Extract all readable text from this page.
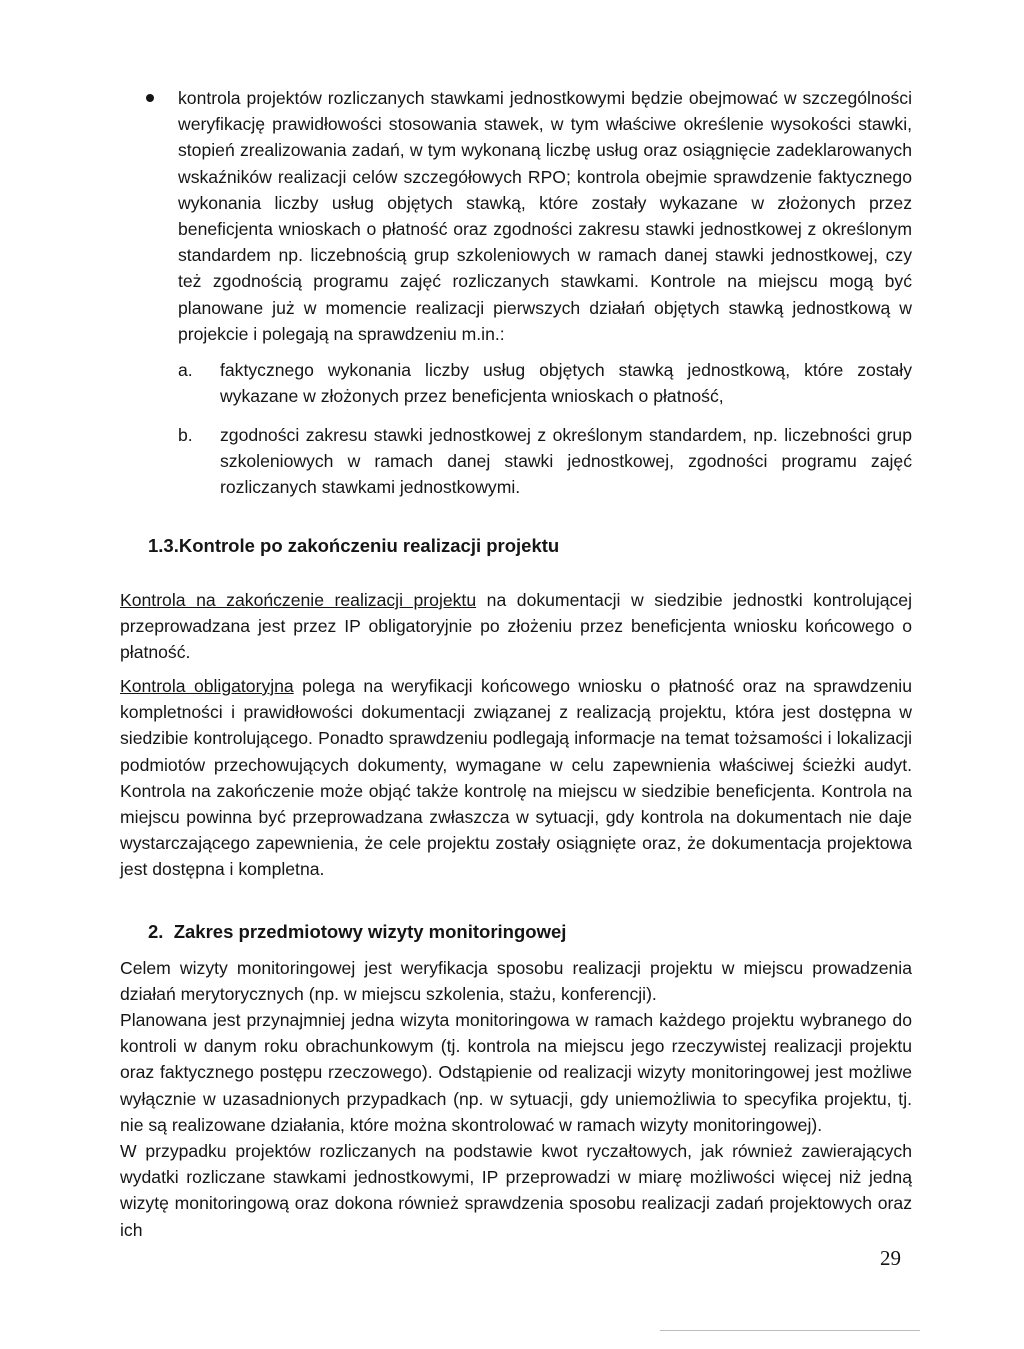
kontrola projektów rozliczanych stawkami jednostkowymi będzie obejmować w szczególności weryfikację prawidłowości stosowania stawek, w tym właściwe określenie wysokości stawki, stopień zrealizowania zadań, w tym wykonaną liczbę usług oraz osiągnięcie zadeklarowanych wskaźników realizacji celów szczegółowych RPO; kontrola obejmie sprawdzenie faktycznego wykonania liczby usług objętych stawką, które zostały wykazane w złożonych przez beneficjenta wnioskach o płatność oraz zgodności zakresu stawki jednostkowej z określonym standardem np. liczebnością grup szkoleniowych w ramach danej stawki jednostkowej, czy też zgodnością programu zajęć rozliczanych stawkami. Kontrole na miejscu mogą być planowane już w momencie realizacji pierwszych działań objętych stawką jednostkową w projekcie i polegają na sprawdzeniu m.in.:
a. faktycznego wykonania liczby usług objętych stawką jednostkową, które zostały wykazane w złożonych przez beneficjenta wnioskach o płatność,
b. zgodności zakresu stawki jednostkowej z określonym standardem, np. liczebności grup szkoleniowych w ramach danej stawki jednostkowej, zgodności programu zajęć rozliczanych stawkami jednostkowymi.
1.3.Kontrole po zakończeniu realizacji projektu
Kontrola na zakończenie realizacji projektu na dokumentacji w siedzibie jednostki kontrolującej przeprowadzana jest przez IP obligatoryjnie po złożeniu przez beneficjenta wniosku końcowego o płatność.
Kontrola obligatoryjna polega na weryfikacji końcowego wniosku o płatność oraz na sprawdzeniu kompletności i prawidłowości dokumentacji związanej z realizacją projektu, która jest dostępna w siedzibie kontrolującego. Ponadto sprawdzeniu podlegają informacje na temat tożsamości i lokalizacji podmiotów przechowujących dokumenty, wymagane w celu zapewnienia właściwej ścieżki audyt. Kontrola na zakończenie może objąć także kontrolę na miejscu w siedzibie beneficjenta. Kontrola na miejscu powinna być przeprowadzana zwłaszcza w sytuacji, gdy kontrola na dokumentach nie daje wystarczającego zapewnienia, że cele projektu zostały osiągnięte oraz, że dokumentacja projektowa jest dostępna i kompletna.
2. Zakres przedmiotowy wizyty monitoringowej
Celem wizyty monitoringowej jest weryfikacja sposobu realizacji projektu w miejscu prowadzenia działań merytorycznych (np. w miejscu szkolenia, stażu, konferencji).
Planowana jest przynajmniej jedna wizyta monitoringowa w ramach każdego projektu wybranego do kontroli w danym roku obrachunkowym (tj. kontrola na miejscu jego rzeczywistej realizacji projektu oraz faktycznego postępu rzeczowego). Odstąpienie od realizacji wizyty monitoringowej jest możliwe wyłącznie w uzasadnionych przypadkach (np. w sytuacji, gdy uniemożliwia to specyfika projektu, tj. nie są realizowane działania, które można skontrolować w ramach wizyty monitoringowej).
W przypadku projektów rozliczanych na podstawie kwot ryczałtowych, jak również zawierających wydatki rozliczane stawkami jednostkowymi, IP przeprowadzi w miarę możliwości więcej niż jedną wizytę monitoringową oraz dokona również sprawdzenia sposobu realizacji zadań projektowych oraz ich
29
